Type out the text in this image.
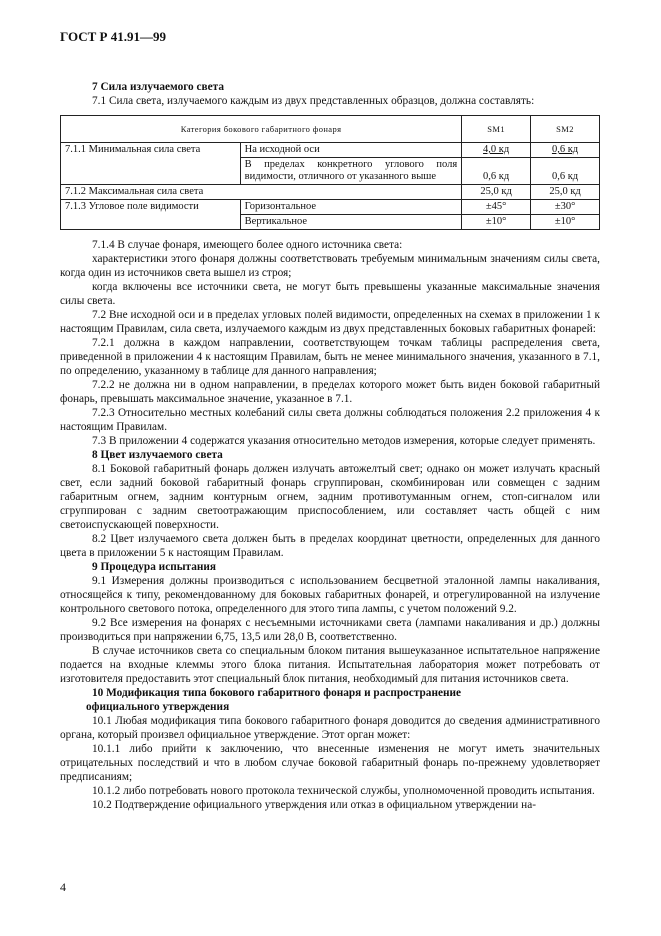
ГОСТ Р 41.91—99

7 Сила излучаемого света

7.1 Сила света, излучаемого каждым из двух представленных образцов, должна составлять:

Категория бокового габаритного фонаря		SM1	SM2
7.1.1 Минимальная сила света	На исходной оси	4,0 кд	0,6 кд
	В пределах конкретного углового поля видимости, отличного от указанного выше	0,6 кд	0,6 кд
7.1.2 Максимальная сила света		25,0 кд	25,0 кд
7.1.3 Угловое поле видимости	Горизонтальное	±45°	±30°
	Вертикальное	±10°	±10°

7.1.4 В случае фонаря, имеющего более одного источника света:

характеристики этого фонаря должны соответствовать требуемым минимальным значениям силы света, когда один из источников света вышел из строя;

когда включены все источники света, не могут быть превышены указанные максимальные значения силы света.

7.2 Вне исходной оси и в пределах угловых полей видимости, определенных на схемах в приложении 1 к настоящим Правилам, сила света, излучаемого каждым из двух представленных боковых габаритных фонарей:

7.2.1 должна в каждом направлении, соответствующем точкам таблицы распределения света, приведенной в приложении 4 к настоящим Правилам, быть не менее минимального значения, указанного в 7.1, по определению, указанному в таблице для данного направления;

7.2.2 не должна ни в одном направлении, в пределах которого может быть виден боковой габаритный фонарь, превышать максимальное значение, указанное в 7.1.

7.2.3 Относительно местных колебаний силы света должны соблюдаться положения 2.2 приложения 4 к настоящим Правилам.

7.3 В приложении 4 содержатся указания относительно методов измерения, которые следует применять.

8 Цвет излучаемого света

8.1 Боковой габаритный фонарь должен излучать автожелтый свет; однако он может излучать красный свет, если задний боковой габаритный фонарь сгруппирован, скомбинирован или совмещен с задним габаритным огнем, задним контурным огнем, задним противотуманным огнем, стоп-сигналом или сгруппирован с задним светоотражающим приспособлением, или составляет часть общей с ним светоиспускающей поверхности.

8.2 Цвет излучаемого света должен быть в пределах координат цветности, определенных для данного цвета в приложении 5 к настоящим Правилам.

9 Процедура испытания

9.1 Измерения должны производиться с использованием бесцветной эталонной лампы накаливания, относящейся к типу, рекомендованному для боковых габаритных фонарей, и отрегулированной на излучение контрольного светового потока, определенного для этого типа лампы, с учетом положений 9.2.

9.2 Все измерения на фонарях с несъемными источниками света (лампами накаливания и др.) должны производиться при напряжении 6,75, 13,5 или 28,0 В, соответственно.

В случае источников света со специальным блоком питания вышеуказанное испытательное напряжение подается на входные клеммы этого блока питания. Испытательная лаборатория может потребовать от изготовителя предоставить этот специальный блок питания, необходимый для питания источников света.

10 Модификация типа бокового габаритного фонаря и распространение

официального утверждения

10.1 Любая модификация типа бокового габаритного фонаря доводится до сведения административного органа, который произвел официальное утверждение. Этот орган может:

10.1.1 либо прийти к заключению, что внесенные изменения не могут иметь значительных отрицательных последствий и что в любом случае боковой габаритный фонарь по-прежнему удовлетворяет предписаниям;

10.1.2 либо потребовать нового протокола технической службы, уполномоченной проводить испытания.

10.2 Подтверждение официального утверждения или отказ в официальном утверждении на-

4
